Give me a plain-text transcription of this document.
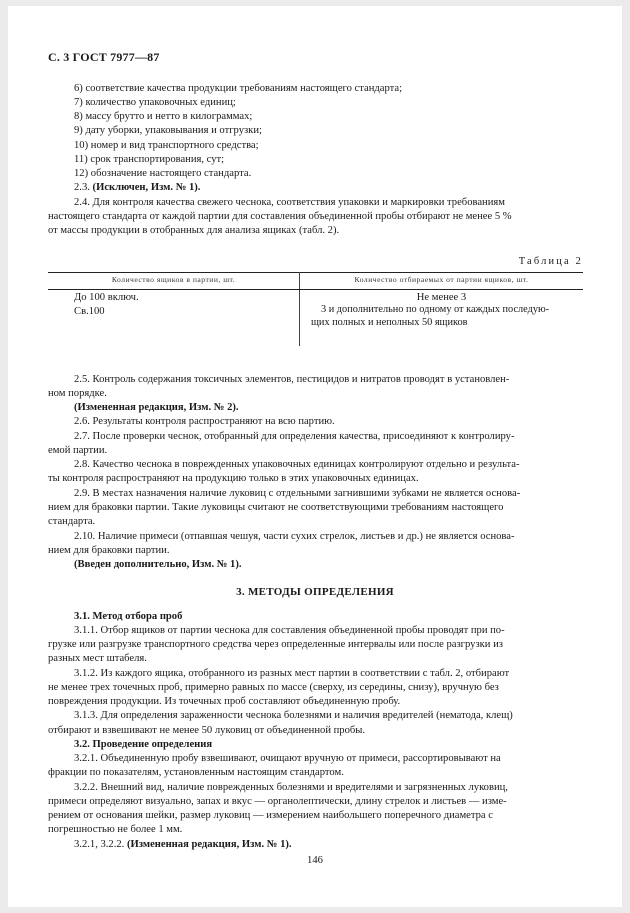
С. 3 ГОСТ 7977—87
6) соответствие качества продукции требованиям настоящего стандарта;
7) количество упаковочных единиц;
8) массу брутто и нетто в килограммах;
9) дату уборки, упаковывания и отгрузки;
10) номер и вид транспортного средства;
11) срок транспортирования, сут;
12) обозначение настоящего стандарта.
2.3. (Исключен, Изм. № 1).
2.4. Для контроля качества свежего чеснока, соответствия упаковки и маркировки требованиям
настоящего стандарта от каждой партии для составления объединенной пробы отбирают не менее 5 %
от массы продукции в отобранных для анализа ящиках (табл. 2).
Таблица 2
Количество ящиков в партии, шт.	Количество отбираемых от партии ящиков, шт.
До 100 включ.
Св.100
Не менее 3
3 и дополнительно по одному от каждых последую-
щих полных и неполных 50 ящиков
2.5. Контроль содержания токсичных элементов, пестицидов и нитратов проводят в установлен-
ном порядке.
(Измененная редакция, Изм. № 2).
2.6. Результаты контроля распространяют на всю партию.
2.7. После проверки чеснок, отобранный для определения качества, присоединяют к контролиру-
емой партии.
2.8. Качество чеснока в поврежденных упаковочных единицах контролируют отдельно и результа-
ты контроля распространяют на продукцию только в этих упаковочных единицах.
2.9. В местах назначения наличие луковиц с отдельными загнившими зубками не является основа-
нием для браковки партии. Такие луковицы считают не соответствующими требованиям настоящего
стандарта.
2.10. Наличие примеси (отпавшая чешуя, части сухих стрелок, листьев и др.) не является основа-
нием для браковки партии.
(Введен дополнительно, Изм. № 1).
3. МЕТОДЫ ОПРЕДЕЛЕНИЯ
3.1. Метод отбора проб
3.1.1. Отбор ящиков от партии чеснока для составления объединенной пробы проводят при по-
грузке или разгрузке транспортного средства через определенные интервалы или после разгрузки из
разных мест штабеля.
3.1.2. Из каждого ящика, отобранного из разных мест партии в соответствии с табл. 2, отбирают
не менее трех точечных проб, примерно равных по массе (сверху, из середины, снизу), вручную без
повреждения продукции. Из точечных проб составляют объединенную пробу.
3.1.3. Для определения зараженности чеснока болезнями и наличия вредителей (нематода, клещ)
отбирают и взвешивают не менее 50 луковиц от объединенной пробы.
3.2. Проведение определения
3.2.1. Объединенную пробу взвешивают, очищают вручную от примеси, рассортировывают на
фракции по показателям, установленным настоящим стандартом.
3.2.2. Внешний вид, наличие поврежденных болезнями и вредителями и загрязненных луковиц,
примеси определяют визуально, запах и вкус — органолептически, длину стрелок и листьев — изме-
рением от основания шейки, размер луковиц — измерением наибольшего поперечного диаметра с
погрешностью не более 1 мм.
3.2.1, 3.2.2. (Измененная редакция, Изм. № 1).
146
